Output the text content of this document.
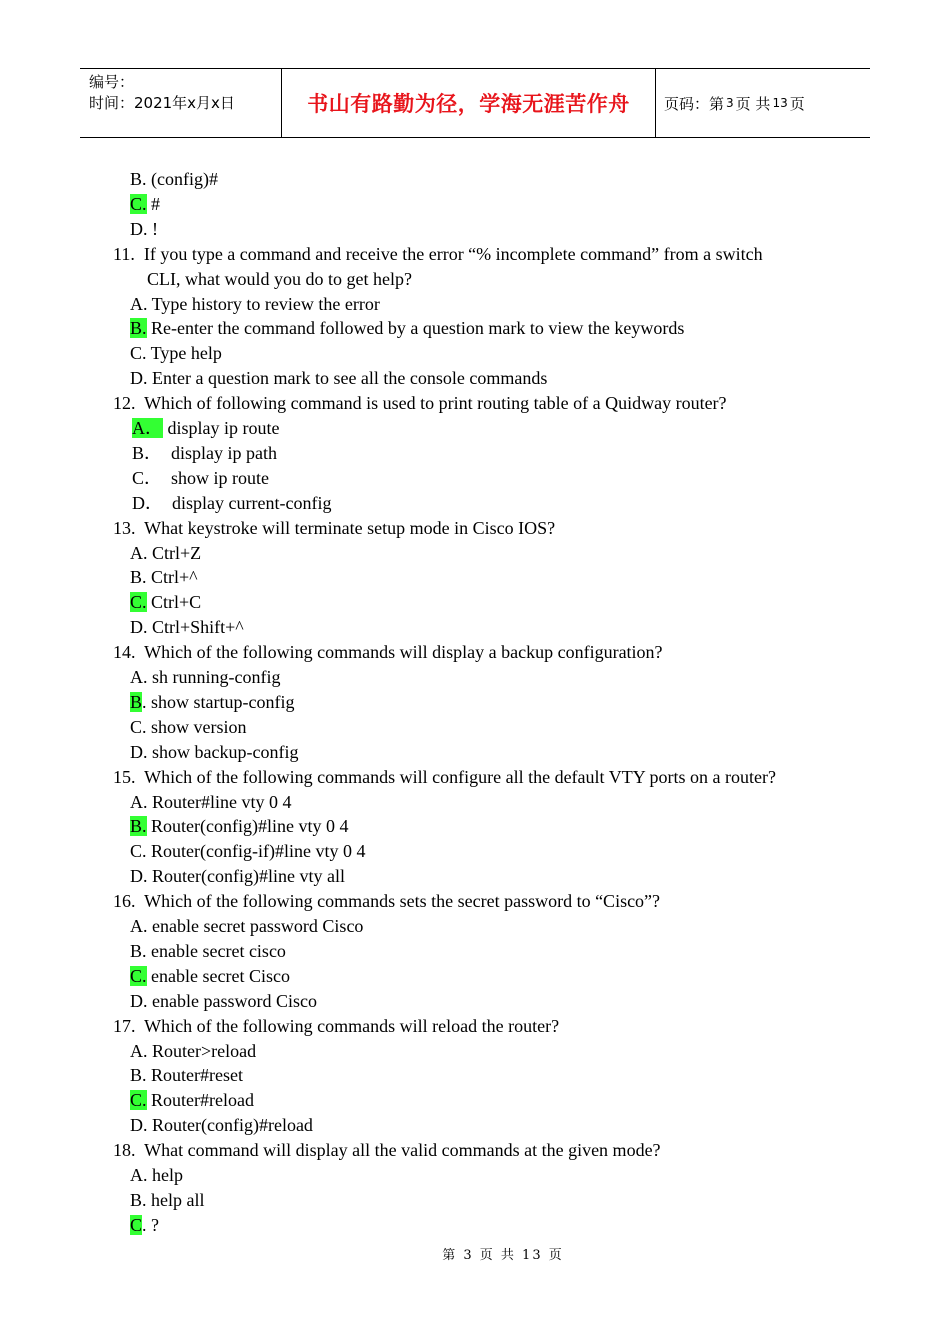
编号：
时间：2021年x月x日	书山有路勤为径，学海无涯苦作舟	页码：第 3 页 共 13 页
B. (config)#
C. #
D. !
11.  If you type a command and receive the error “% incomplete command” from a switch
CLI, what would you do to get help?
A. Type history to review the error
B. Re-enter the command followed by a question mark to view the keywords
C. Type help
D. Enter a question mark to see all the console commands
12.  Which of following command is used to print routing table of a Quidway router?
A． display ip route
B．  display ip path
C．  show ip route
D．  display current-config
13.  What keystroke will terminate setup mode in Cisco IOS?
A. Ctrl+Z
B. Ctrl+^
C. Ctrl+C
D. Ctrl+Shift+^
14.  Which of the following commands will display a backup configuration?
A. sh running-config
B. show startup-config
C. show version
D. show backup-config
15.  Which of the following commands will configure all the default VTY ports on a router?
A. Router#line vty 0 4
B. Router(config)#line vty 0 4
C. Router(config-if)#line vty 0 4
D. Router(config)#line vty all
16.  Which of the following commands sets the secret password to “Cisco”?
A. enable secret password Cisco
B. enable secret cisco
C. enable secret Cisco
D. enable password Cisco
17.  Which of the following commands will reload the router?
A. Router>reload
B. Router#reset
C. Router#reload
D. Router(config)#reload
18.  What command will display all the valid commands at the given mode?
A. help
B. help all
C. ?
第 3 页 共 13 页
